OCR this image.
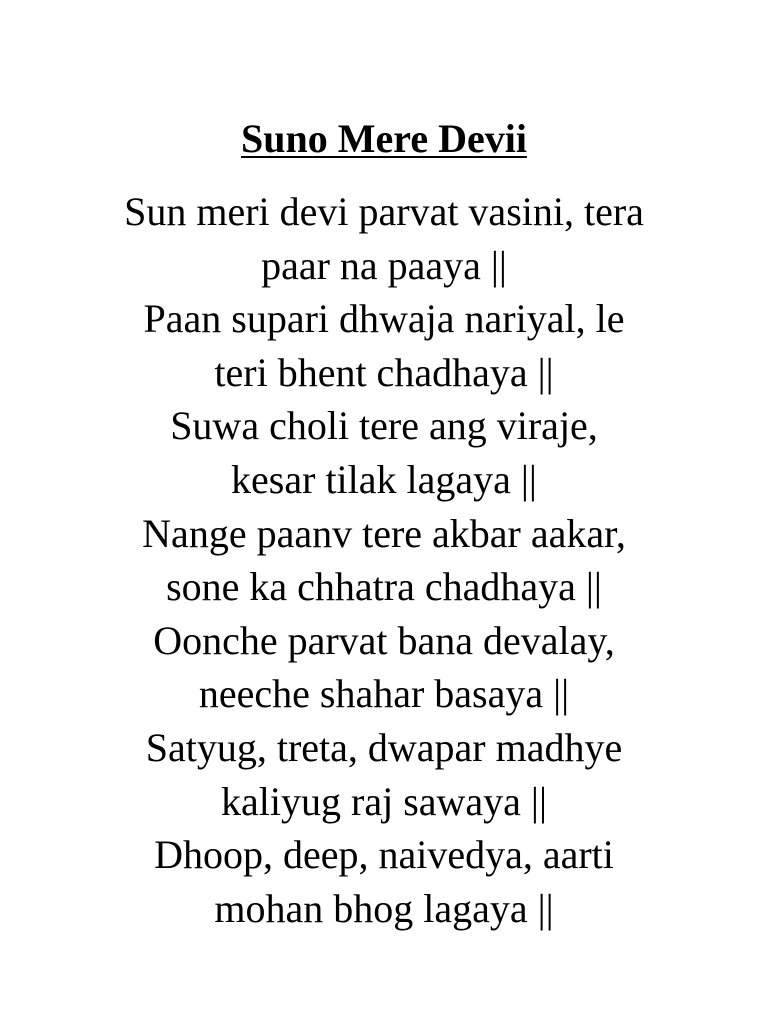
Suno Mere Devii
Sun meri devi parvat vasini, tera
paar na paaya ||
Paan supari dhwaja nariyal, le
teri bhent chadhaya ||
Suwa choli tere ang viraje,
kesar tilak lagaya ||
Nange paanv tere akbar aakar,
sone ka chhatra chadhaya ||
Oonche parvat bana devalay,
neeche shahar basaya ||
Satyug, treta, dwapar madhye
kaliyug raj sawaya ||
Dhoop, deep, naivedya, aarti
mohan bhog lagaya ||
